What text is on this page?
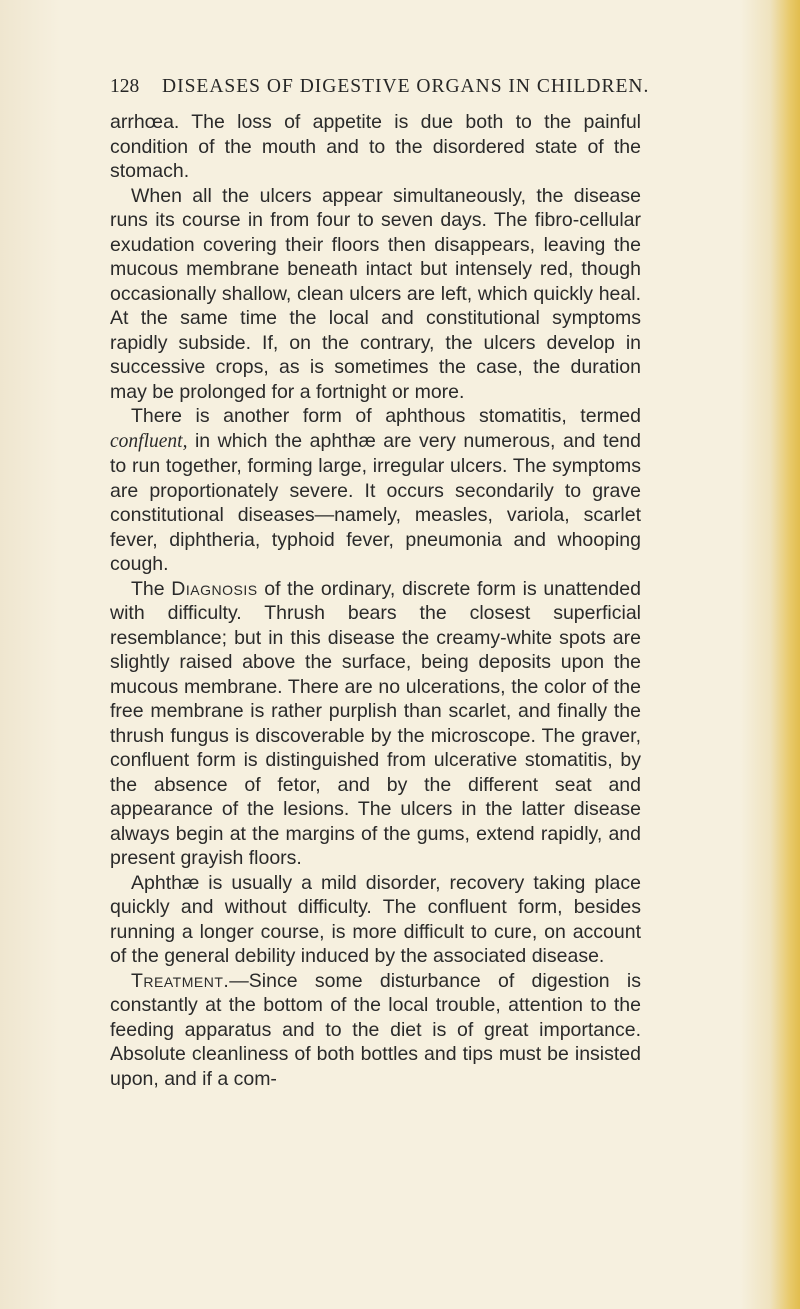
128 DISEASES OF DIGESTIVE ORGANS IN CHILDREN.

arrhœa. The loss of appetite is due both to the painful condition of the mouth and to the disordered state of the stomach.

When all the ulcers appear simultaneously, the disease runs its course in from four to seven days. The fibro-cellular exudation covering their floors then disappears, leaving the mucous membrane beneath intact but intensely red, though occasionally shallow, clean ulcers are left, which quickly heal. At the same time the local and constitutional symptoms rapidly subside. If, on the contrary, the ulcers develop in successive crops, as is sometimes the case, the duration may be prolonged for a fortnight or more.

There is another form of aphthous stomatitis, termed confluent, in which the aphthæ are very numerous, and tend to run together, forming large, irregular ulcers. The symptoms are proportionately severe. It occurs secondarily to grave constitutional diseases—namely, measles, variola, scarlet fever, diphtheria, typhoid fever, pneumonia and whooping cough.

The Diagnosis of the ordinary, discrete form is unattended with difficulty. Thrush bears the closest superficial resemblance; but in this disease the creamy-white spots are slightly raised above the surface, being deposits upon the mucous membrane. There are no ulcerations, the color of the free membrane is rather purplish than scarlet, and finally the thrush fungus is discoverable by the microscope. The graver, confluent form is distinguished from ulcerative stomatitis, by the absence of fetor, and by the different seat and appearance of the lesions. The ulcers in the latter disease always begin at the margins of the gums, extend rapidly, and present grayish floors.

Aphthæ is usually a mild disorder, recovery taking place quickly and without difficulty. The confluent form, besides running a longer course, is more difficult to cure, on account of the general debility induced by the associated disease.

Treatment.—Since some disturbance of digestion is constantly at the bottom of the local trouble, attention to the feeding apparatus and to the diet is of great importance. Absolute cleanliness of both bottles and tips must be insisted upon, and if a com-
